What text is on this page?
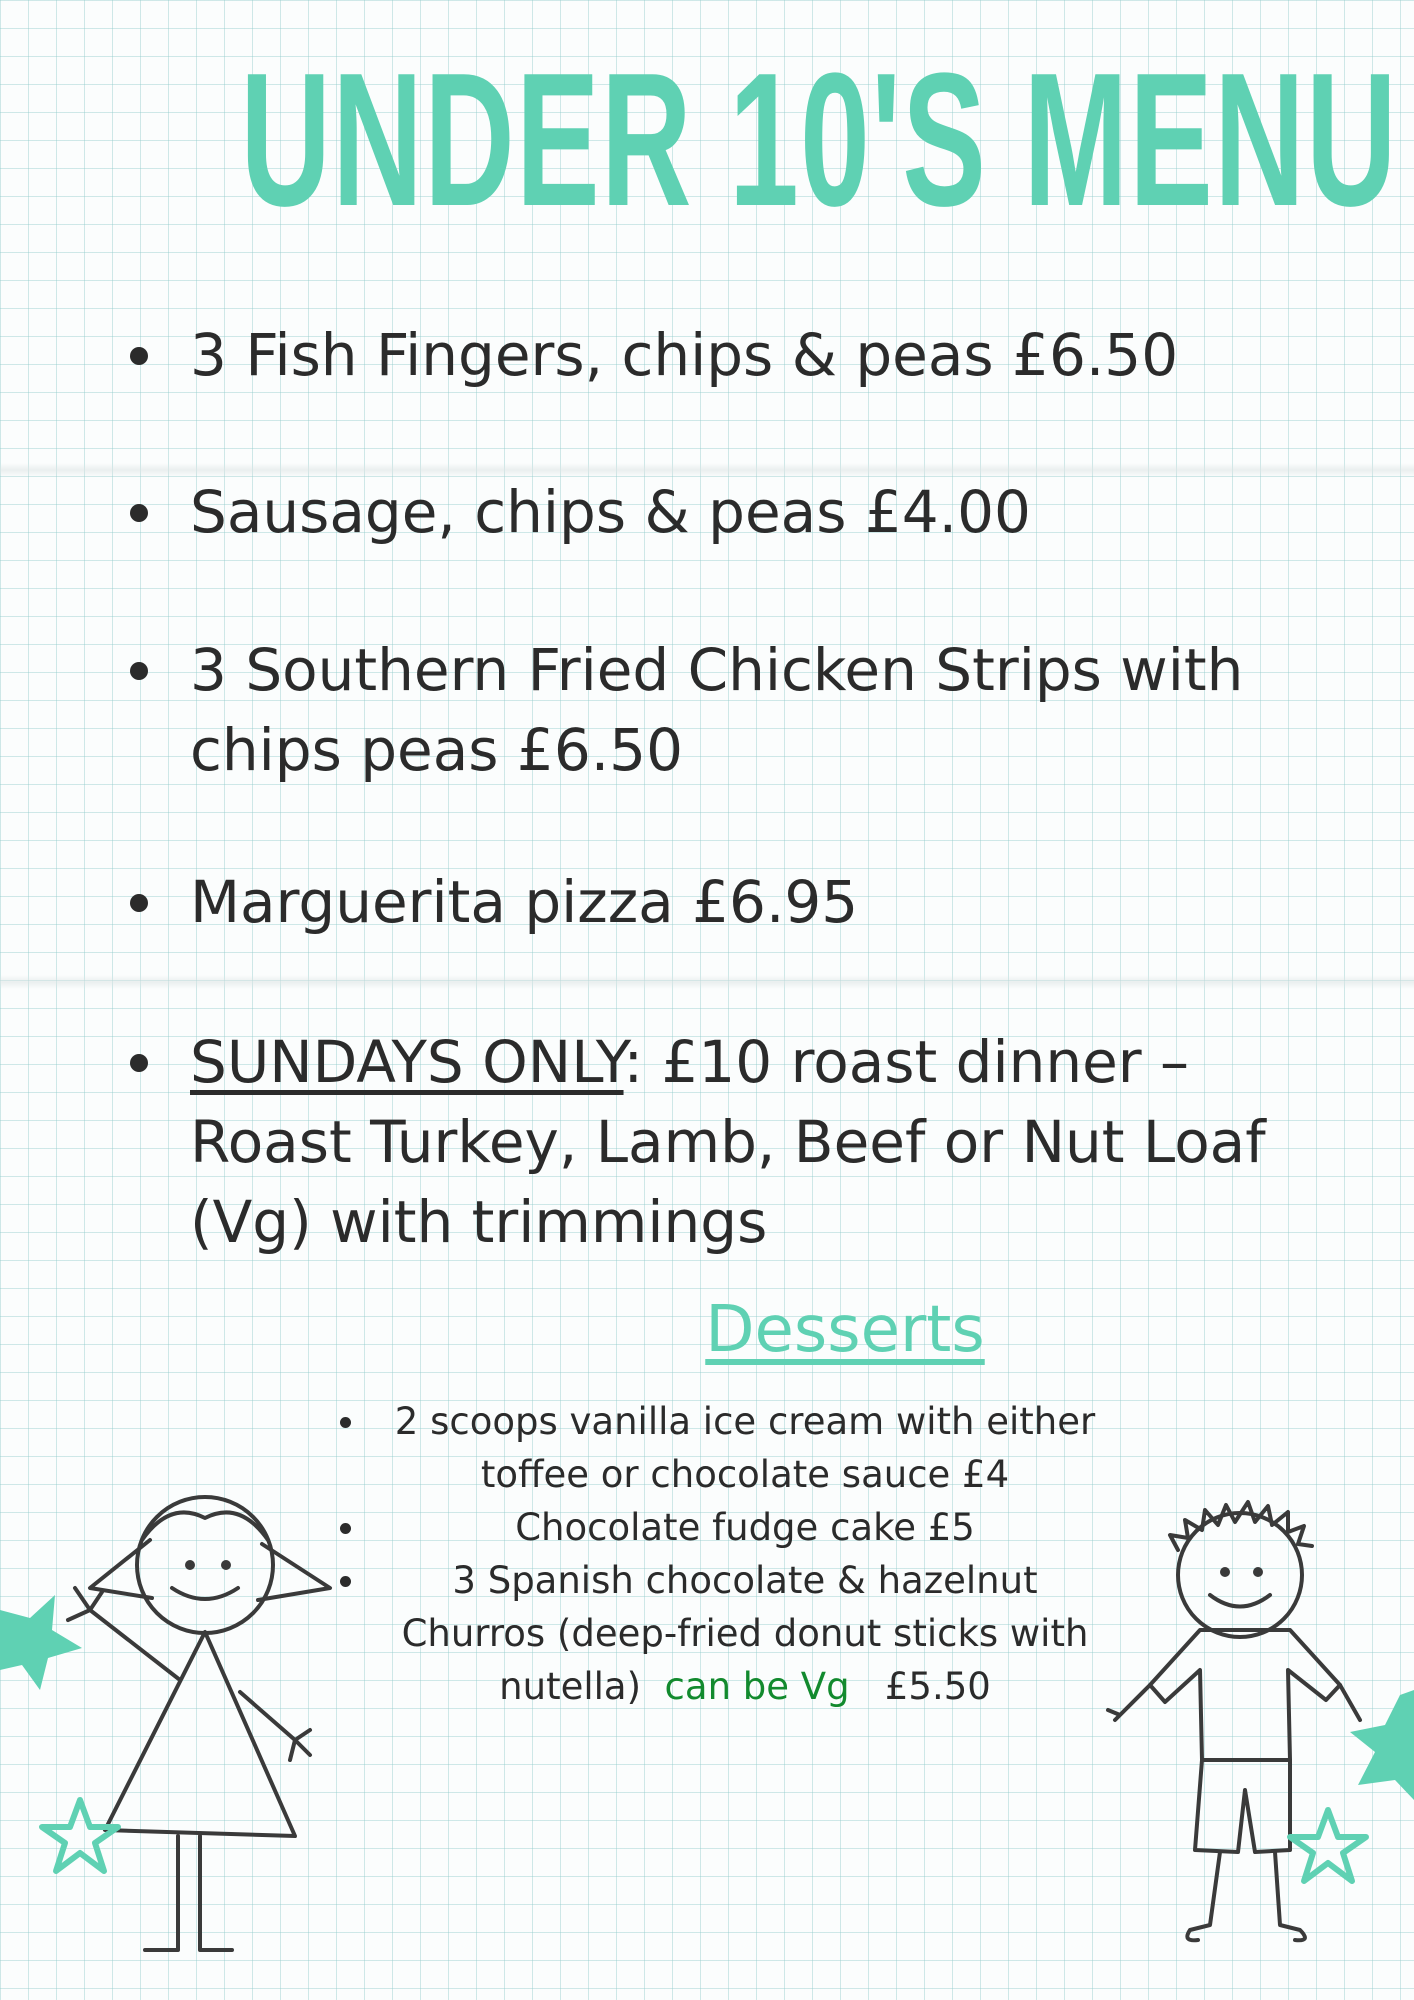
UNDER 10'S MENU
3 Fish Fingers, chips & peas £6.50
Sausage, chips & peas £4.00
3 Southern Fried Chicken Strips with
chips peas £6.50
Marguerita pizza £6.95
SUNDAYS ONLY: £10 roast dinner –
Roast Turkey, Lamb, Beef or Nut Loaf
(Vg) with trimmings
Desserts
2 scoops vanilla ice cream with either
toffee or chocolate sauce £4
Chocolate fudge cake £5
3 Spanish chocolate & hazelnut
Churros (deep-fried donut sticks with
nutella) can be Vg £5.50
